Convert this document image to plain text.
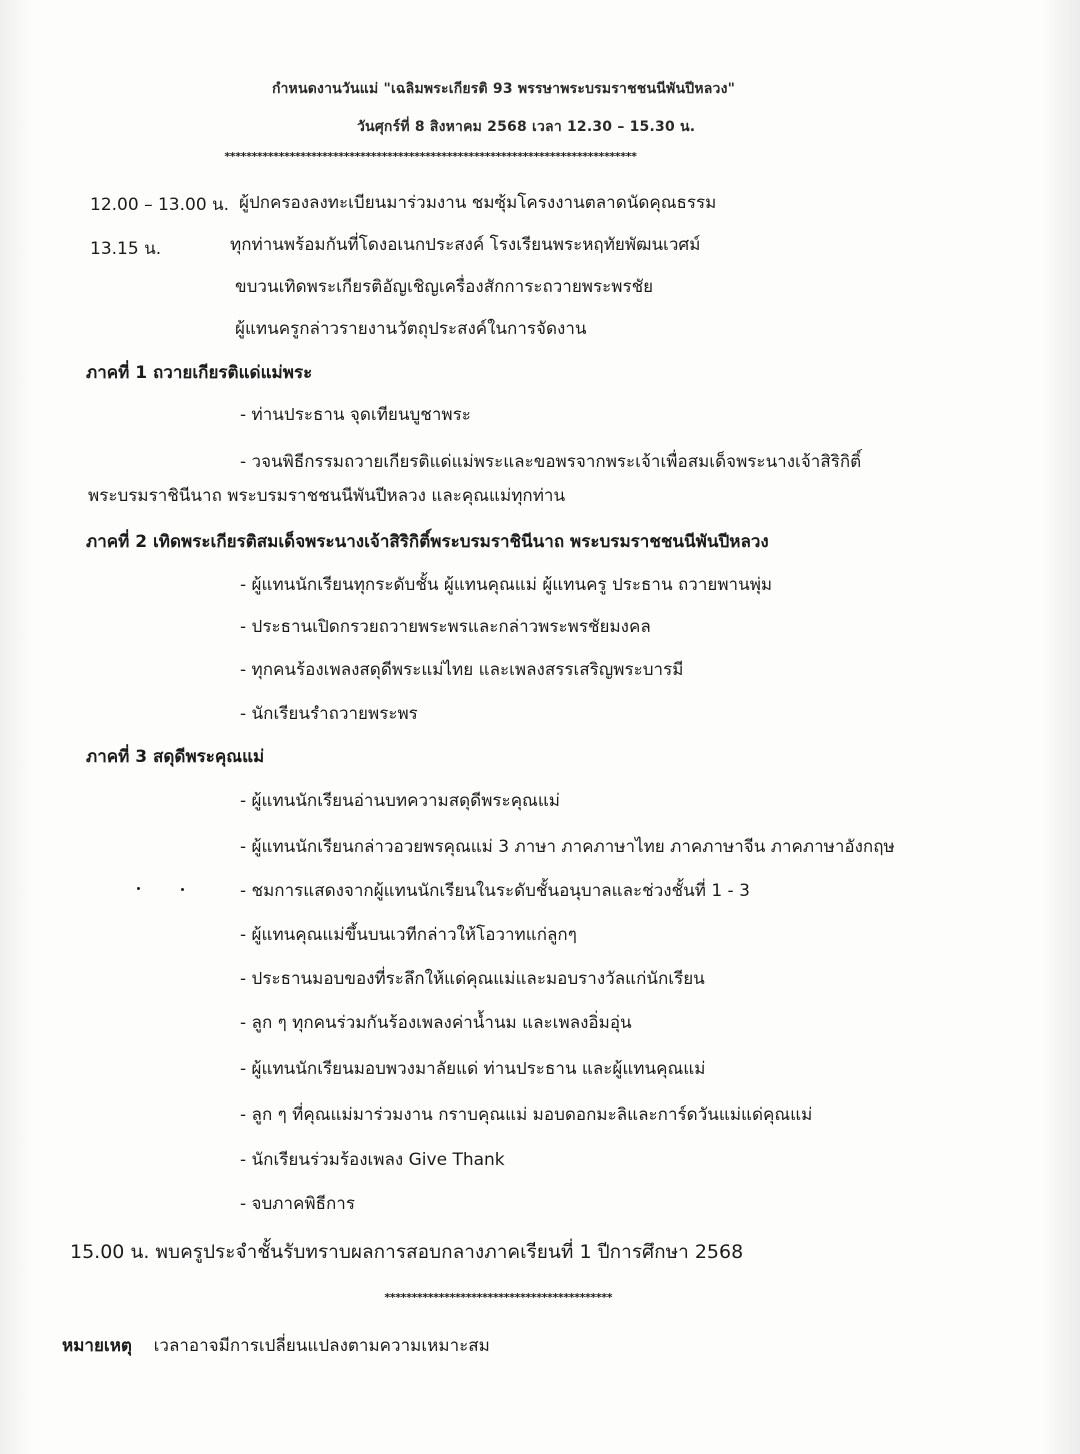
กำหนดงานวันแม่ "เฉลิมพระเกียรติ 93 พรรษาพระบรมราชชนนีพันปีหลวง"
วันศุกร์ที่ 8 สิงหาคม 2568 เวลา 12.30 – 15.30 น.
****************************************************************************
12.00 – 13.00 น. ผู้ปกครองลงทะเบียนมาร่วมงาน ชมซุ้มโครงงานตลาดนัดคุณธรรม
13.15 น.	ทุกท่านพร้อมกันที่โดงอเนกประสงค์ โรงเรียนพระหฤทัยพัฒนเวศม์
ขบวนเทิดพระเกียรติอัญเชิญเครื่องสักการะถวายพระพรชัย
ผู้แทนครูกล่าวรายงานวัตถุประสงค์ในการจัดงาน
ภาคที่ 1 ถวายเกียรติแด่แม่พระ
- ท่านประธาน จุดเทียนบูชาพระ
- วจนพิธีกรรมถวายเกียรติแด่แม่พระและขอพรจากพระเจ้าเพื่อสมเด็จพระนางเจ้าสิริกิติ์
พระบรมราชินีนาถ พระบรมราชชนนีพันปีหลวง และคุณแม่ทุกท่าน
ภาคที่ 2 เทิดพระเกียรติสมเด็จพระนางเจ้าสิริกิติ์พระบรมราชินีนาถ พระบรมราชชนนีพันปีหลวง
- ผู้แทนนักเรียนทุกระดับชั้น ผู้แทนคุณแม่ ผู้แทนครู ประธาน ถวายพานพุ่ม
- ประธานเปิดกรวยถวายพระพรและกล่าวพระพรชัยมงคล
- ทุกคนร้องเพลงสดุดีพระแม่ไทย และเพลงสรรเสริญพระบารมี
- นักเรียนรำถวายพระพร
ภาคที่ 3 สดุดีพระคุณแม่
- ผู้แทนนักเรียนอ่านบทความสดุดีพระคุณแม่
- ผู้แทนนักเรียนกล่าวอวยพรคุณแม่ 3 ภาษา ภาคภาษาไทย ภาคภาษาจีน ภาคภาษาอังกฤษ
- ชมการแสดงจากผู้แทนนักเรียนในระดับชั้นอนุบาลและช่วงชั้นที่ 1 - 3
- ผู้แทนคุณแม่ขึ้นบนเวทีกล่าวให้โอวาทแก่ลูกๆ
- ประธานมอบของที่ระลึกให้แด่คุณแม่และมอบรางวัลแก่นักเรียน
- ลูก ๆ ทุกคนร่วมกันร้องเพลงค่าน้ำนม และเพลงอิ่มอุ่น
- ผู้แทนนักเรียนมอบพวงมาลัยแด่ ท่านประธาน และผู้แทนคุณแม่
- ลูก ๆ ที่คุณแม่มาร่วมงาน กราบคุณแม่ มอบดอกมะลิและการ์ดวันแม่แด่คุณแม่
- นักเรียนร่วมร้องเพลง Give Thank
- จบภาคพิธีการ
15.00 น. พบครูประจำชั้นรับทราบผลการสอบกลางภาคเรียนที่ 1 ปีการศึกษา 2568
******************************************
หมายเหตุ เวลาอาจมีการเปลี่ยนแปลงตามความเหมาะสม
